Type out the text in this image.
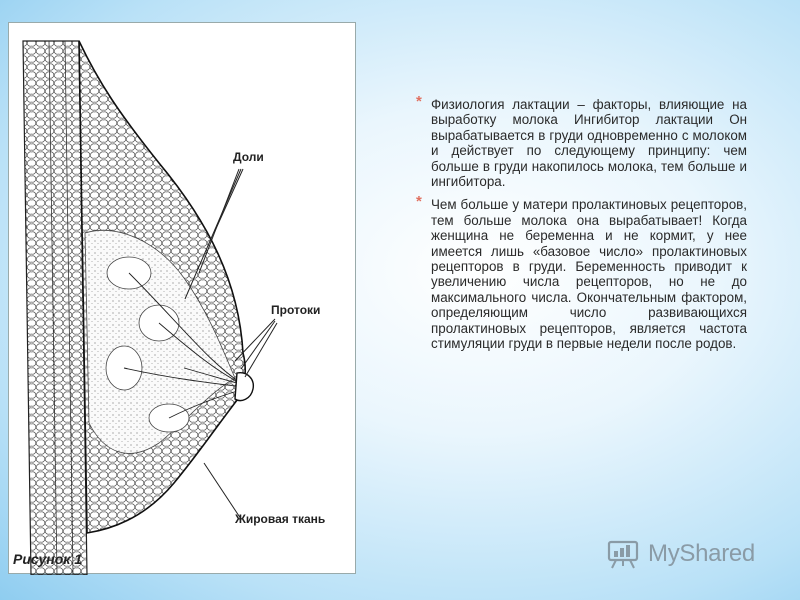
Доли
Протоки
Жировая ткань
Рисунок 1
* Физиология лактации – факторы, влияющие на выработку молока Ингибитор лактации Он вырабатывается в груди одновременно с молоком и действует по следующему принципу: чем больше в груди накопилось молока, тем больше и ингибитора.
* Чем больше у матери пролактиновых рецепторов, тем больше молока она вырабатывает! Когда женщина не беременна и не кормит, у нее имеется лишь «базовое число» пролактиновых рецепторов в груди. Беременность приводит к увеличению числа рецепторов, но не до максимального числа. Окончательным фактором, определяющим число развивающихся пролактиновых рецепторов, является частота стимуляции груди в первые недели после родов.
MyShared
